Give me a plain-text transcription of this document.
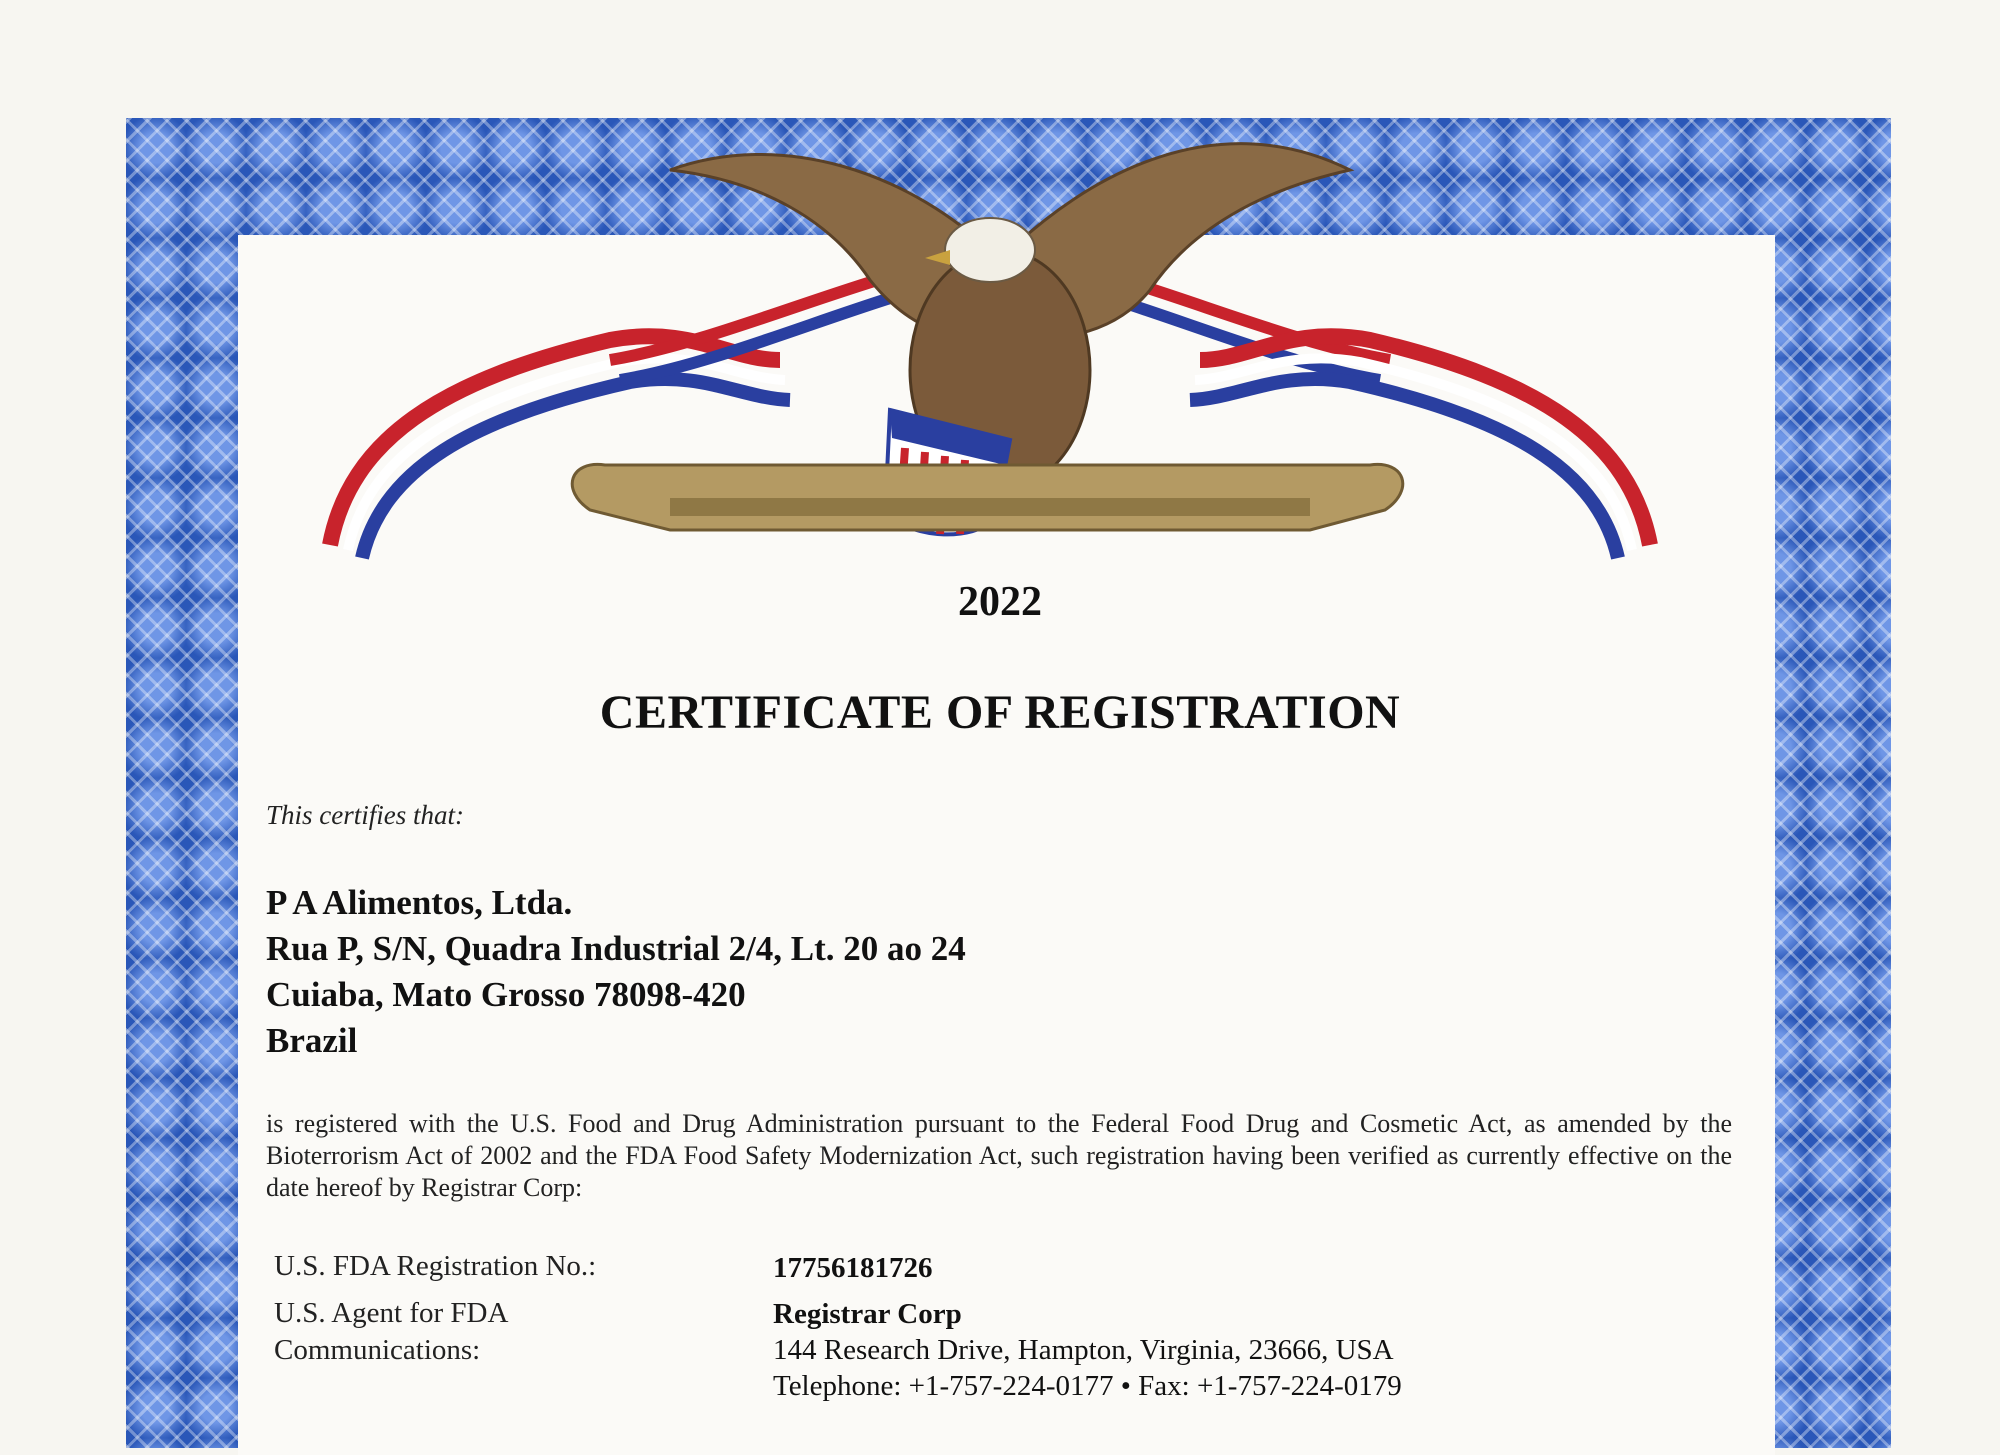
2022
CERTIFICATE OF REGISTRATION
This certifies that:
P A Alimentos, Ltda.
Rua P, S/N, Quadra Industrial 2/4, Lt. 20 ao 24
Cuiaba, Mato Grosso 78098-420
Brazil
is registered with the U.S. Food and Drug Administration pursuant to the Federal Food Drug and Cosmetic Act, as amended by the Bioterrorism Act of 2002 and the FDA Food Safety Modernization Act, such registration having been verified as currently effective on the date hereof by Registrar Corp:
U.S. FDA Registration No.:	17756181726
U.S. Agent for FDA
Communications:
Registrar Corp
144 Research Drive, Hampton, Virginia, 23666, USA
Telephone: +1-757-224-0177 • Fax: +1-757-224-0179
